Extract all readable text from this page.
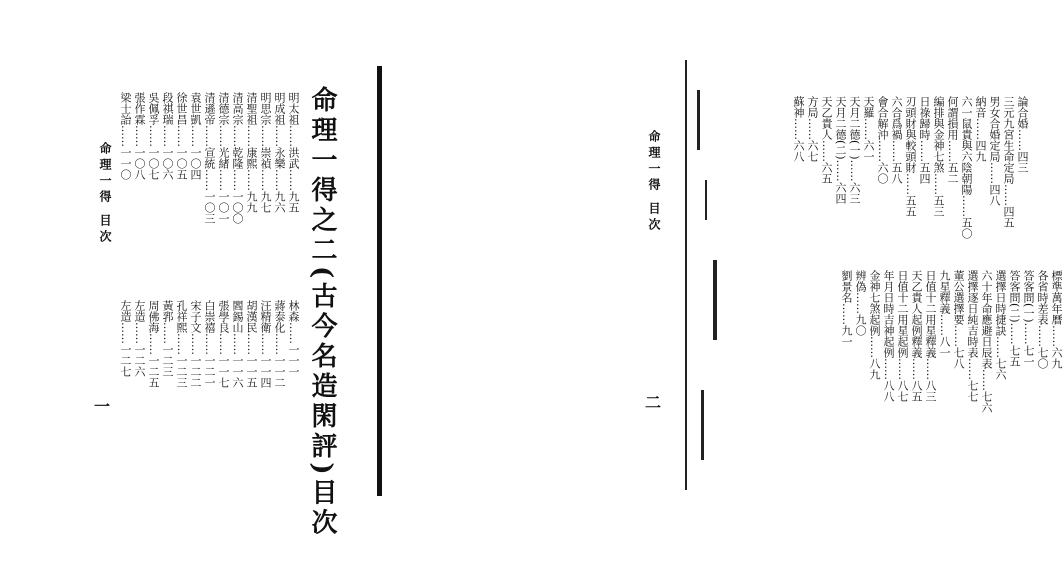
命理一得 目次	命理一得之二(古今名造閑評)目次
一
明太祖……洪武……九五
明成祖……永樂……九六
明思宗……崇禎……九七
清聖祖……康熙……九九
清高宗……乾隆……一〇〇
清德宗……光緒……一〇一
清遜帝……宣統……一〇三
袁世凱……一〇四
徐世昌……一〇五
段祺瑞……一〇六
吳佩孚……一〇七
張作霖……一〇八
梁士詒……一一〇
林森……一一一
蔣泰化……一一二
汪精衛……一一四
胡漢民……一一五
閻錫山……一一六
張學良……一一七
白崇禧……一二一
宋子文……一二二
孔祥熙……一二三
黃郛……一二三
周佛海……一二五
左造……一二六
左造……一二七
命理一得 目次
二
論合婚……四三
三元九宮生命定局……四五
男女合婚定局……四八
納音……四九
六一鼠貴與六陰朝陽……五〇
何謂損用……五二
編排與金神七煞……五三
日祿歸時……五四
刃頭財與較頭財……五五
六合爲禍……五八
會合解沖……六〇
天羅……六一
天月二德(一)……六三
天月二德(二)……六四
天乙貴人……六五
方局……六七
蘇神……六八
標準萬年曆……六九
各省時差表……七〇
答客問(一)……七一
答客問(二)……七五
選擇日時捷訣……七六
六十年命應避日辰表……七六
選擇逐日純吉時表……七七
董公選擇要……七八
九星釋義……八一
日值十二用星釋義……八三
天乙貴人起例釋義……八五
日值十二用星起例……八七
年月日時吉神起例……八八
金神七煞起例……八九
辨偽……九〇
劉景名……九一
